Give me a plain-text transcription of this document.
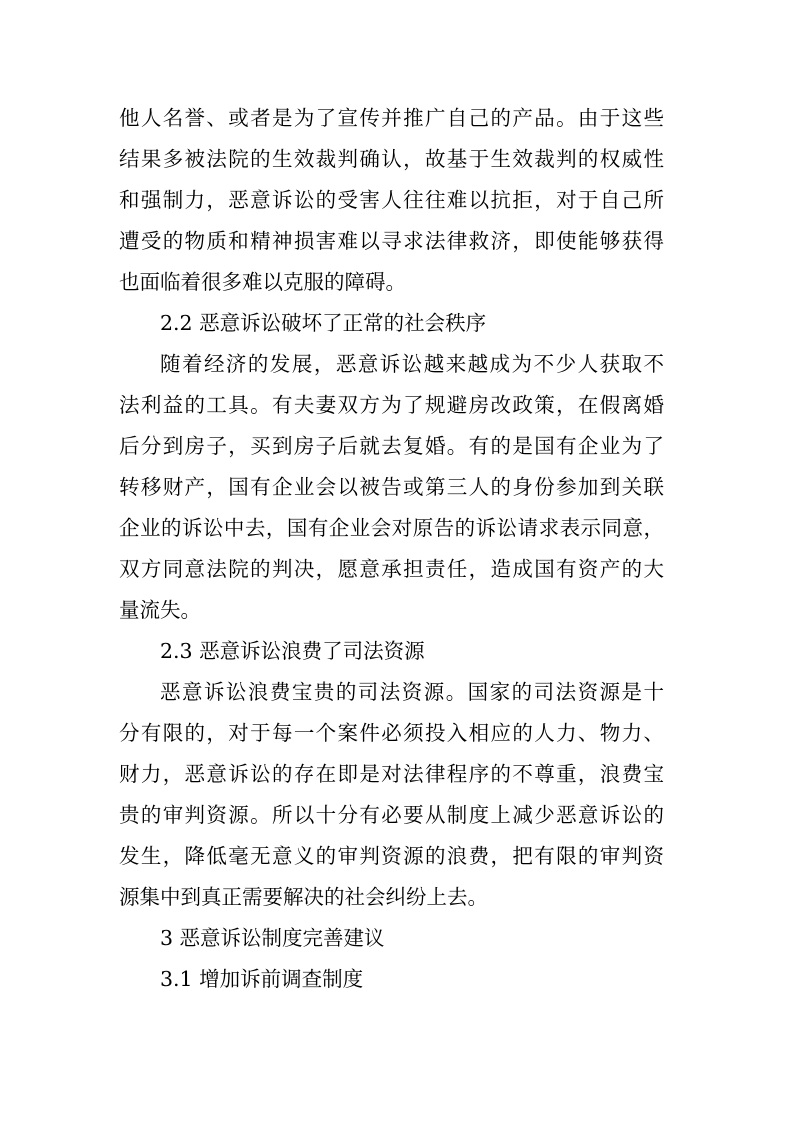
他人名誉、或者是为了宣传并推广自己的产品。由于这些
结果多被法院的生效裁判确认，故基于生效裁判的权威性
和强制力，恶意诉讼的受害人往往难以抗拒，对于自己所
遭受的物质和精神损害难以寻求法律救济，即使能够获得
也面临着很多难以克服的障碍。

2.2 恶意诉讼破坏了正常的社会秩序

随着经济的发展，恶意诉讼越来越成为不少人获取不
法利益的工具。有夫妻双方为了规避房改政策，在假离婚
后分到房子，买到房子后就去复婚。有的是国有企业为了
转移财产，国有企业会以被告或第三人的身份参加到关联
企业的诉讼中去，国有企业会对原告的诉讼请求表示同意，
双方同意法院的判决，愿意承担责任，造成国有资产的大
量流失。

2.3 恶意诉讼浪费了司法资源

恶意诉讼浪费宝贵的司法资源。国家的司法资源是十
分有限的，对于每一个案件必须投入相应的人力、物力、
财力，恶意诉讼的存在即是对法律程序的不尊重，浪费宝
贵的审判资源。所以十分有必要从制度上减少恶意诉讼的
发生，降低毫无意义的审判资源的浪费，把有限的审判资
源集中到真正需要解决的社会纠纷上去。

3 恶意诉讼制度完善建议

3.1 增加诉前调查制度
